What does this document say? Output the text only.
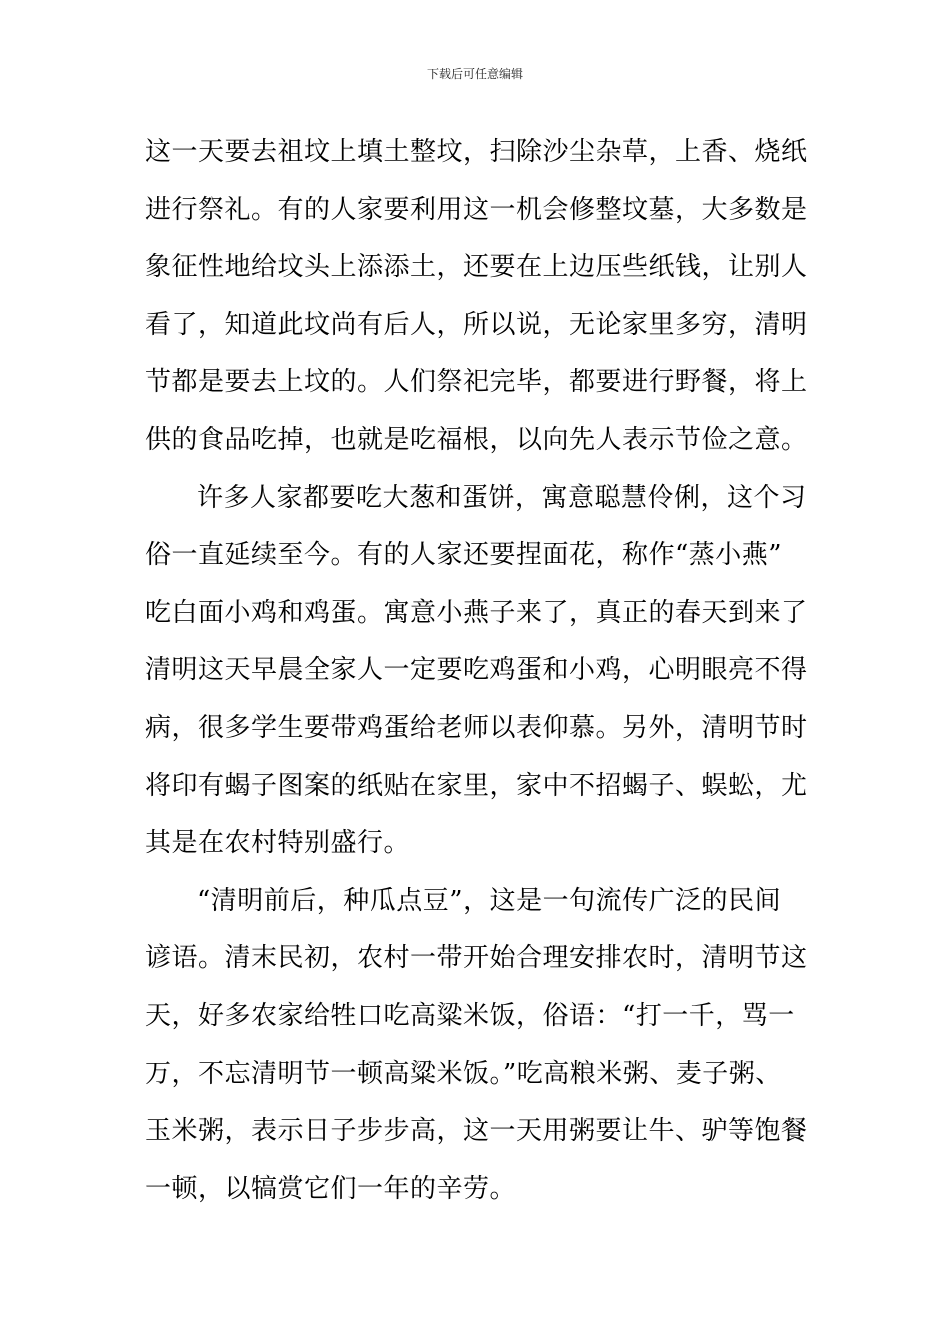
下载后可任意编辑
这一天要去祖坟上填土整坟，扫除沙尘杂草，上香、烧纸
进行祭礼。有的人家要利用这一机会修整坟墓，大多数是
象征性地给坟头上添添土，还要在上边压些纸钱，让别人
看了，知道此坟尚有后人，所以说，无论家里多穷，清明
节都是要去上坟的。人们祭祀完毕，都要进行野餐，将上
供的食品吃掉，也就是吃福根，以向先人表示节俭之意。
许多人家都要吃大葱和蛋饼，寓意聪慧伶俐，这个习
俗一直延续至今。有的人家还要捏面花，称作“蒸小燕”
吃白面小鸡和鸡蛋。寓意小燕子来了，真正的春天到来了
清明这天早晨全家人一定要吃鸡蛋和小鸡，心明眼亮不得
病，很多学生要带鸡蛋给老师以表仰慕。另外，清明节时
将印有蝎子图案的纸贴在家里，家中不招蝎子、蜈蚣，尤
其是在农村特别盛行。
“清明前后，种瓜点豆”，这是一句流传广泛的民间
谚语。清末民初，农村一带开始合理安排农时，清明节这
天，好多农家给牲口吃高粱米饭，俗语：“打一千，骂一
万，不忘清明节一顿高粱米饭。”吃高粮米粥、麦子粥、
玉米粥，表示日子步步高，这一天用粥要让牛、驴等饱餐
一顿，以犒赏它们一年的辛劳。
